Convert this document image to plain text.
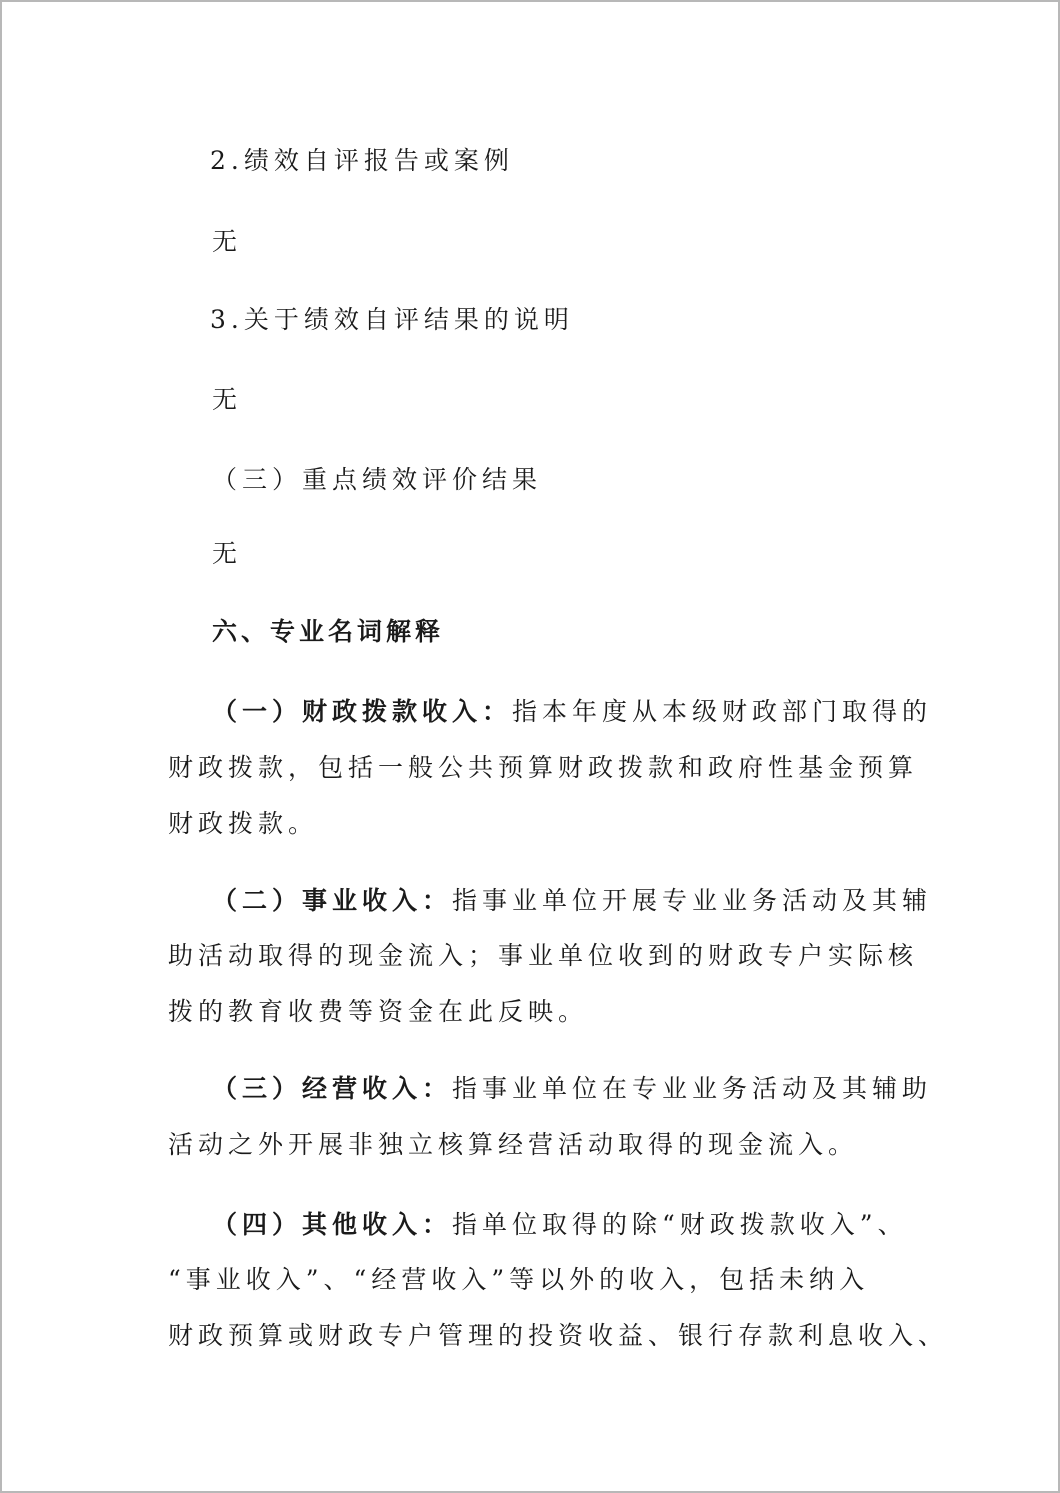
2.绩效自评报告或案例

无

3.关于绩效自评结果的说明

无

（三）重点绩效评价结果

无

六、专业名词解释

（一）财政拨款收入：指本年度从本级财政部门取得的

财政拨款，包括一般公共预算财政拨款和政府性基金预算

财政拨款。

（二）事业收入：指事业单位开展专业业务活动及其辅

助活动取得的现金流入；事业单位收到的财政专户实际核

拨的教育收费等资金在此反映。

（三）经营收入：指事业单位在专业业务活动及其辅助

活动之外开展非独立核算经营活动取得的现金流入。

（四）其他收入：指单位取得的除“财政拨款收入”、

“事业收入”、“经营收入”等以外的收入，包括未纳入

财政预算或财政专户管理的投资收益、银行存款利息收入、
